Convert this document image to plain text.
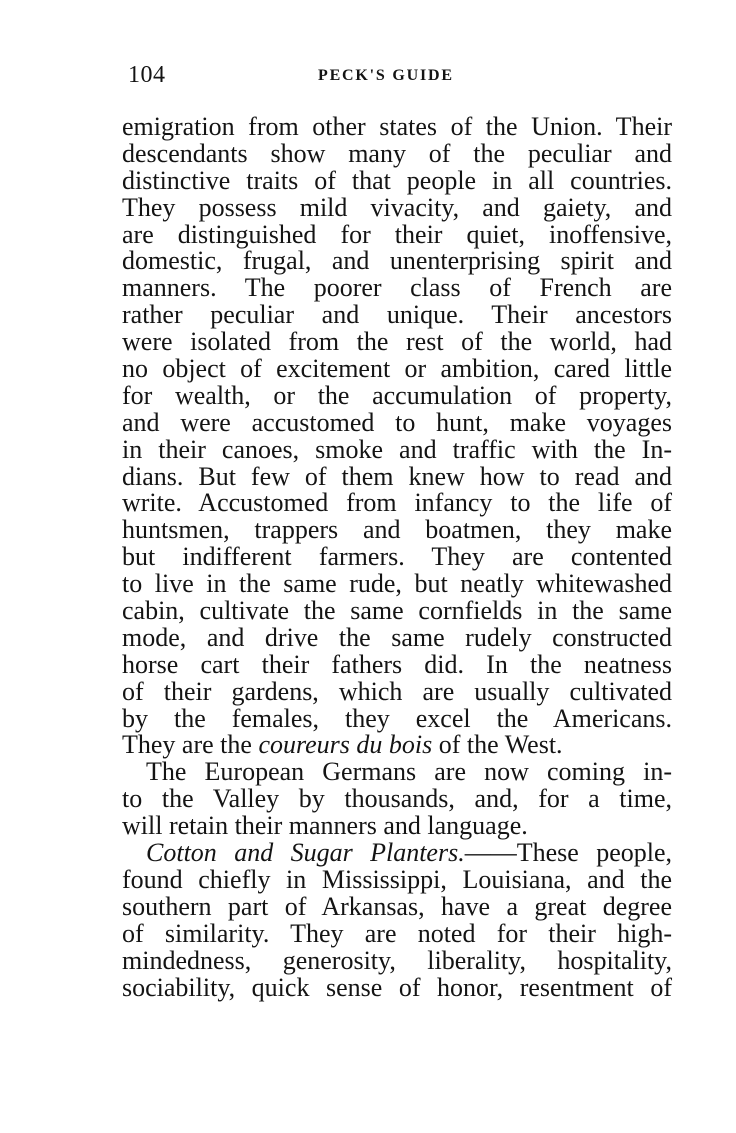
104	PECK'S GUIDE
emigration from other states of the Union. Their
descendants show many of the peculiar and
distinctive traits of that people in all countries.
They possess mild vivacity, and gaiety, and
are distinguished for their quiet, inoffensive,
domestic, frugal, and unenterprising spirit and
manners. The poorer class of French are
rather peculiar and unique. Their ancestors
were isolated from the rest of the world, had
no object of excitement or ambition, cared little
for wealth, or the accumulation of property,
and were accustomed to hunt, make voyages
in their canoes, smoke and traffic with the In-
dians. But few of them knew how to read and
write. Accustomed from infancy to the life of
huntsmen, trappers and boatmen, they make
but indifferent farmers. They are contented
to live in the same rude, but neatly whitewashed
cabin, cultivate the same cornfields in the same
mode, and drive the same rudely constructed
horse cart their fathers did. In the neatness
of their gardens, which are usually cultivated
by the females, they excel the Americans.
They are the coureurs du bois of the West.
The European Germans are now coming in-
to the Valley by thousands, and, for a time,
will retain their manners and language.
Cotton and Sugar Planters.——These people,
found chiefly in Mississippi, Louisiana, and the
southern part of Arkansas, have a great degree
of similarity. They are noted for their high-
mindedness, generosity, liberality, hospitality,
sociability, quick sense of honor, resentment of
